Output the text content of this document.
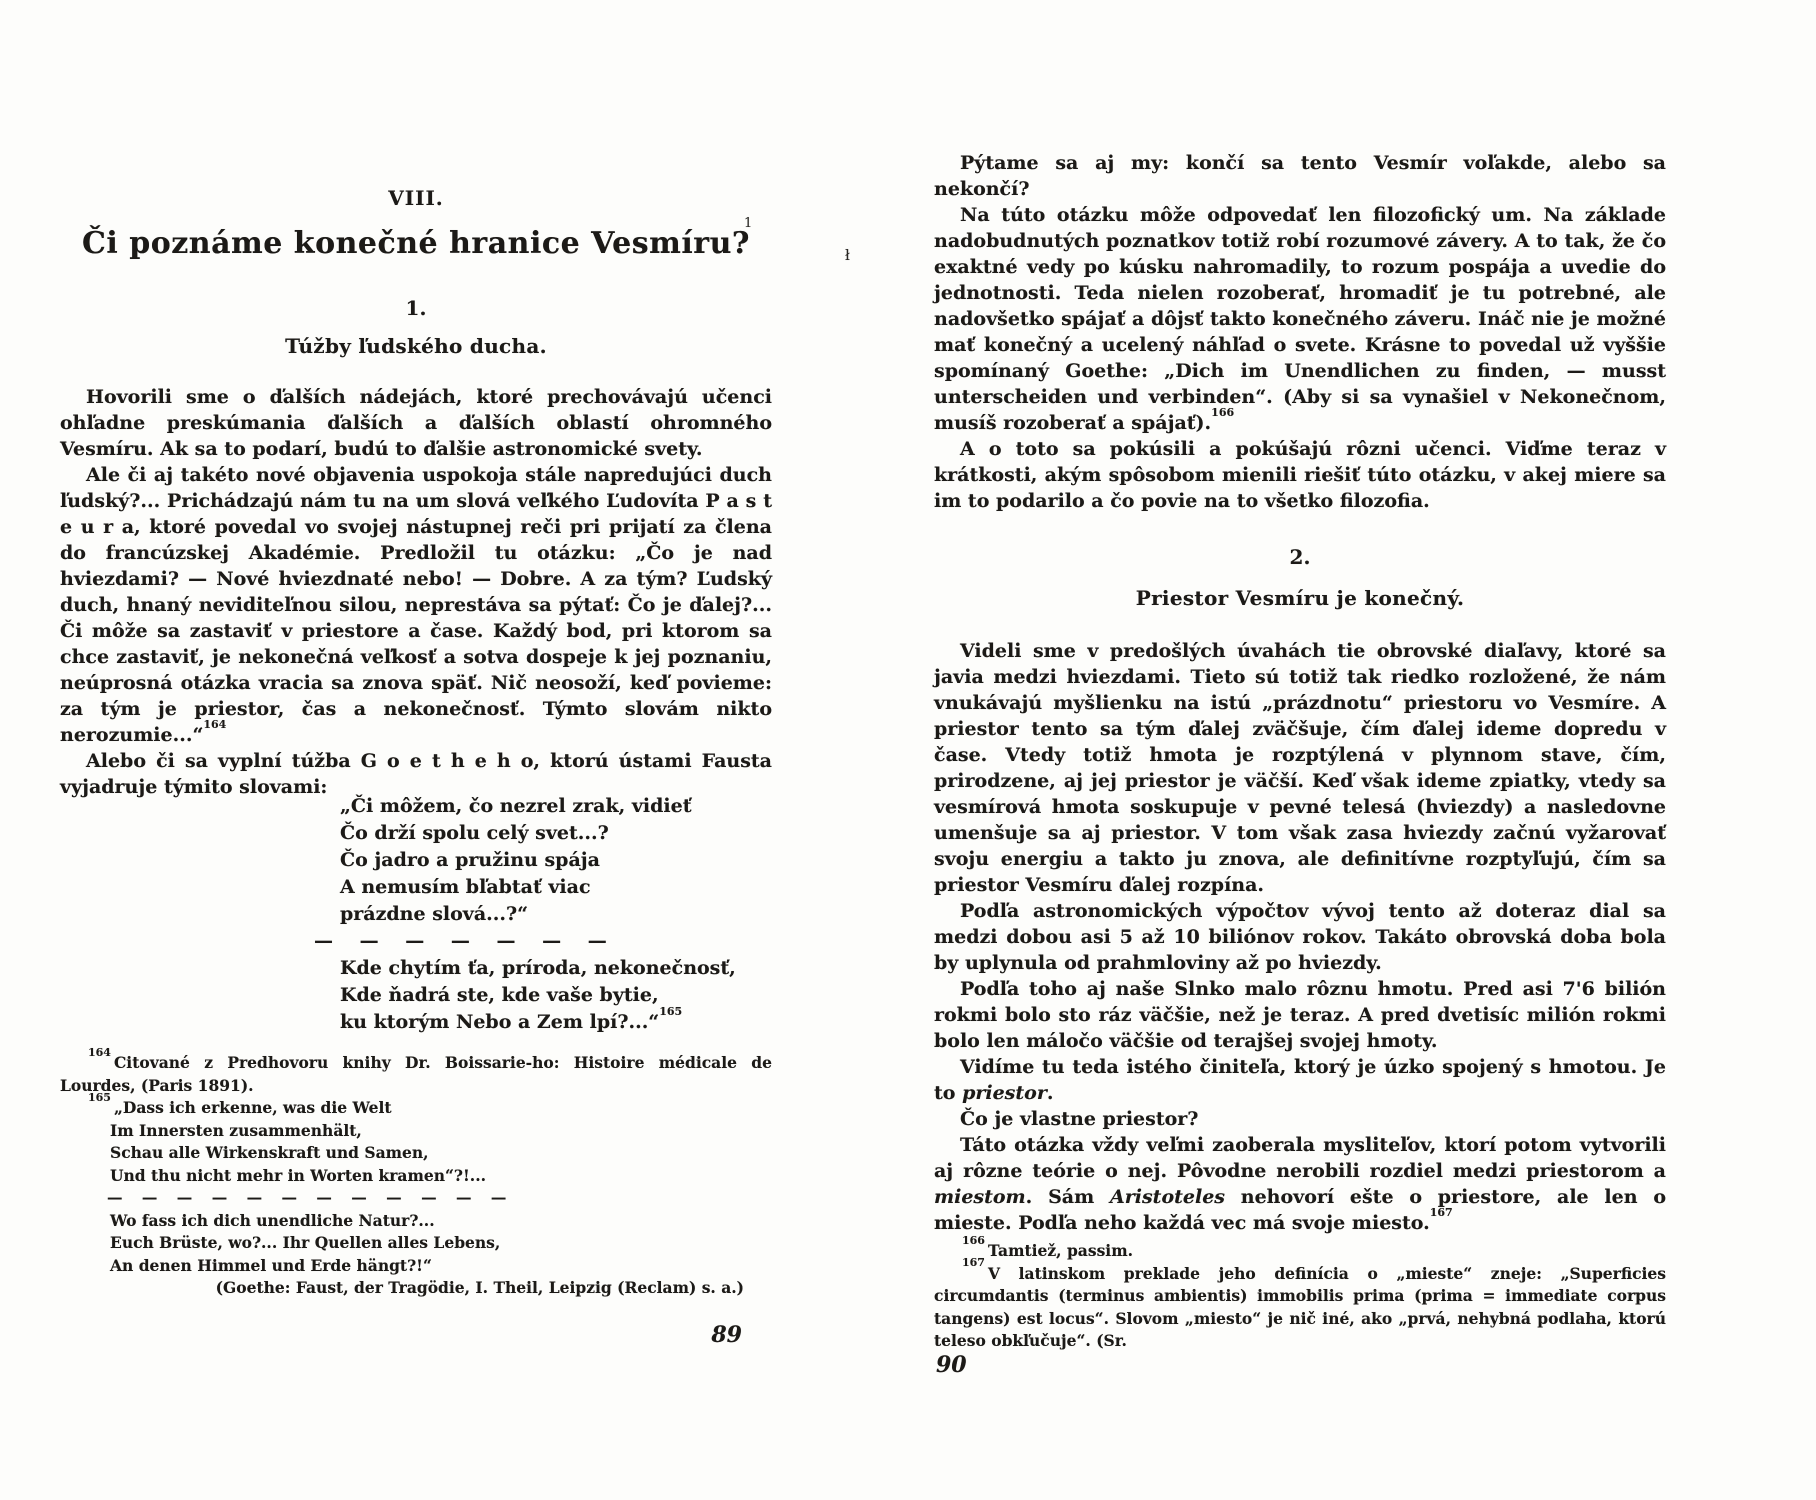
VIII.
Či poznáme konečné hranice Vesmíru?
1.
Túžby ľudského ducha.

Hovorili sme o ďalších nádejách, ktoré prechovávajú učenci ohľadne preskúmania ďalších a ďalších oblastí ohromného Vesmíru. Ak sa to podarí, budú to ďalšie astronomické svety.

Ale či aj takéto nové objavenia uspokoja stále napredujúci duch ľudský?... Prichádzajú nám tu na um slová veľkého Ľudovíta P a s t e u r a, ktoré povedal vo svojej nástupnej reči pri prijatí za člena do francúzskej Akadémie. Predložil tu otázku: „Čo je nad hviezdami? — Nové hviezdnaté nebo! — Dobre. A za tým? Ľudský duch, hnaný neviditeľnou silou, neprestáva sa pýtať: Čo je ďalej?... Či môže sa zastaviť v priestore a čase. Každý bod, pri ktorom sa chce zastaviť, je nekonečná veľkosť a sotva dospeje k jej poznaniu, neúprosná otázka vracia sa znova späť. Nič neosoží, keď povieme: za tým je priestor, čas a nekonečnosť. Týmto slovám nikto nerozumie...“$^{164}$

Alebo či sa vyplní túžba G o e t h e h o, ktorú ústami Fausta vyjadruje týmito slovami:

„Či môžem, čo nezrel zrak, vidieť
Čo drží spolu celý svet...?
Čo jadro a pružinu spája
A nemusím bľabtať viac
prázdne slová...?“
— — — — — — —
Kde chytím ťa, príroda, nekonečnosť,
Kde ňadrá ste, kde vaše bytie,
ku ktorým Nebo a Zem lpí?...“$^{165}$

$^{164}$Citované z Predhovoru knihy Dr. Boissarie-ho: Histoire médicale de Lourdes, (Paris 1891).

$^{165}$„Dass ich erkenne, was die Welt

Im Innersten zusammenhält,

Schau alle Wirkenskraft und Samen,

Und thu nicht mehr in Worten kramen“?!...

— — — — — — — — — — — —

Wo fass ich dich unendliche Natur?...

Euch Brüste, wo?... Ihr Quellen alles Lebens,

An denen Himmel und Erde hängt?!“

(Goethe: Faust, der Tragödie, I. Theil, Leipzig (Reclam) s. a.)

89

Pýtame sa aj my: končí sa tento Vesmír voľakde, alebo sa nekončí?

Na túto otázku môže odpovedať len filozofický um. Na základe nadobudnutých poznatkov totiž robí rozumové závery. A to tak, že čo exaktné vedy po kúsku nahromadily, to rozum pospája a uvedie do jednotnosti. Teda nielen rozoberať, hromadiť je tu potrebné, ale nadovšetko spájať a dôjsť takto konečného záveru. Ináč nie je možné mať konečný a ucelený náhľad o svete. Krásne to povedal už vyššie spomínaný Goethe: „Dich im Unendlichen zu finden, — musst unterscheiden und verbinden“. (Aby si sa vynašiel v Nekonečnom, musíš rozoberať a spájať).$^{166}$

A o toto sa pokúsili a pokúšajú rôzni učenci. Viďme teraz v krátkosti, akým spôsobom mienili riešiť túto otázku, v akej miere sa im to podarilo a čo povie na to všetko filozofia.

2.
Priestor Vesmíru je konečný.

Videli sme v predošlých úvahách tie obrovské diaľavy, ktoré sa javia medzi hviezdami. Tieto sú totiž tak riedko rozložené, že nám vnukávajú myšlienku na istú „prázdnotu“ priestoru vo Vesmíre. A priestor tento sa tým ďalej zväčšuje, čím ďalej ideme dopredu v čase. Vtedy totiž hmota je rozptýlená v plynnom stave, čím, prirodzene, aj jej priestor je väčší. Keď však ideme zpiatky, vtedy sa vesmírová hmota soskupuje v pevné telesá (hviezdy) a nasledovne umenšuje sa aj priestor. V tom však zasa hviezdy začnú vyžarovať svoju energiu a takto ju znova, ale definitívne rozptyľujú, čím sa priestor Vesmíru ďalej rozpína.

Podľa astronomických výpočtov vývoj tento až doteraz dial sa medzi dobou asi 5 až 10 biliónov rokov. Takáto obrovská doba bola by uplynula od prahmloviny až po hviezdy.

Podľa toho aj naše Slnko malo rôznu hmotu. Pred asi 7'6 bilión rokmi bolo sto ráz väčšie, než je teraz. A pred dvetisíc milión rokmi bolo len máločo väčšie od terajšej svojej hmoty.

Vidíme tu teda istého činiteľa, ktorý je úzko spojený s hmotou. Je to priestor.

Čo je vlastne priestor?

Táto otázka vždy veľmi zaoberala mysliteľov, ktorí potom vytvorili aj rôzne teórie o nej. Pôvodne nerobili rozdiel medzi priestorom a miestom. Sám Aristoteles nehovorí ešte o priestore, ale len o mieste. Podľa neho každá vec má svoje miesto.$^{167}$

$^{166}$Tamtiež, passim.

$^{167}$V latinskom preklade jeho definícia o „mieste“ zneje: „Superficies circumdantis (terminus ambientis) immobilis prima (prima = immediate corpus tangens) est locus“. Slovom „miesto“ je nič iné, ako „prvá, nehybná podlaha, ktorú teleso obkľučuje“. (Sr.

90
1
ł
